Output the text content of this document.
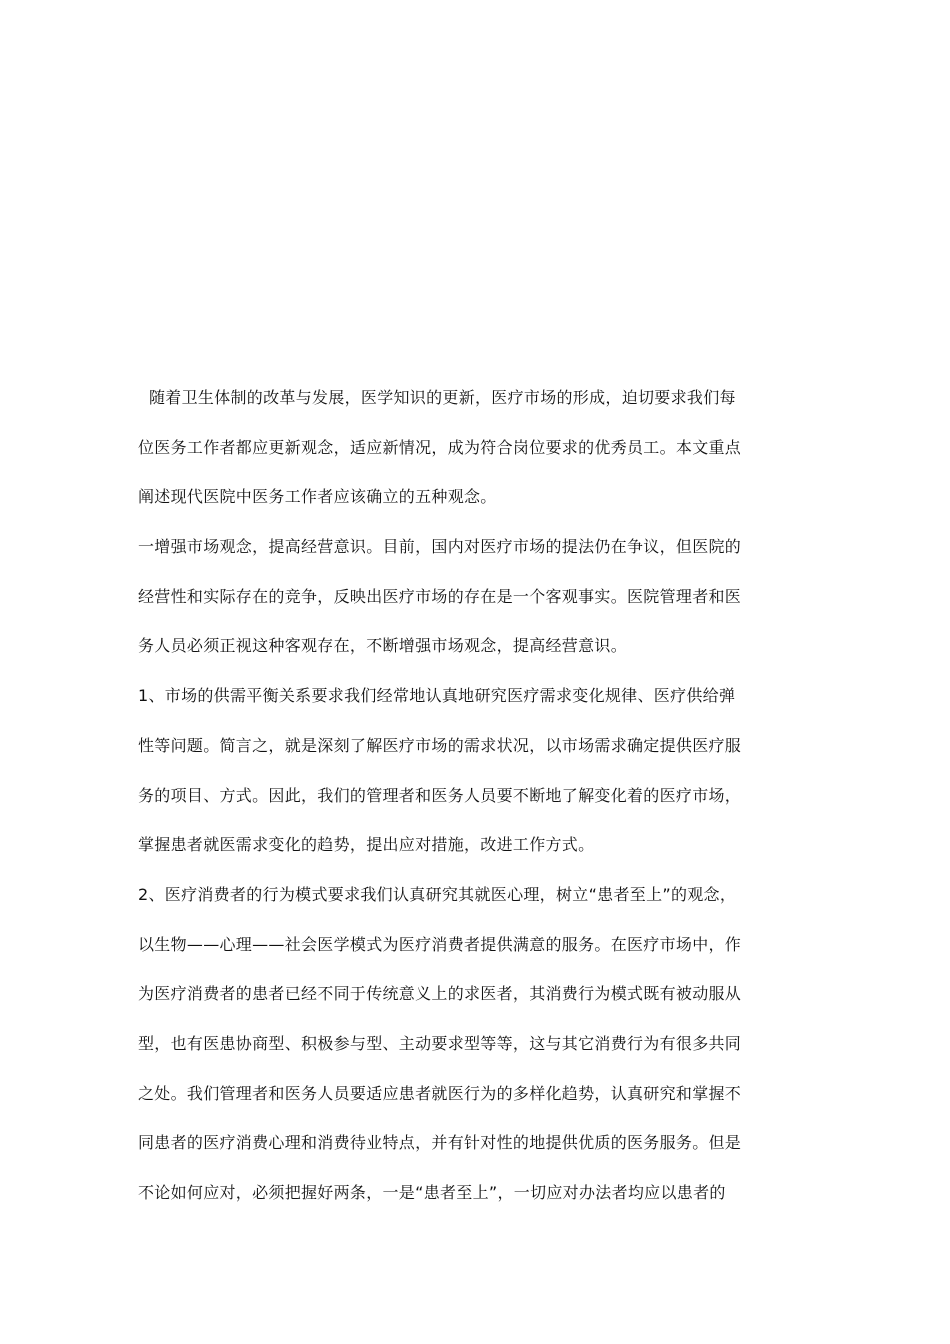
随着卫生体制的改革与发展，医学知识的更新，医疗市场的形成，迫切要求我们每
位医务工作者都应更新观念，适应新情况，成为符合岗位要求的优秀员工。本文重点
阐述现代医院中医务工作者应该确立的五种观念。
一增强市场观念，提高经营意识。目前，国内对医疗市场的提法仍在争议，但医院的
经营性和实际存在的竞争，反映出医疗市场的存在是一个客观事实。医院管理者和医
务人员必须正视这种客观存在，不断增强市场观念，提高经营意识。
1、市场的供需平衡关系要求我们经常地认真地研究医疗需求变化规律、医疗供给弹
性等问题。简言之，就是深刻了解医疗市场的需求状况，以市场需求确定提供医疗服
务的项目、方式。因此，我们的管理者和医务人员要不断地了解变化着的医疗市场，
掌握患者就医需求变化的趋势，提出应对措施，改进工作方式。
2、医疗消费者的行为模式要求我们认真研究其就医心理，树立“患者至上”的观念，
以生物——心理——社会医学模式为医疗消费者提供满意的服务。在医疗市场中，作
为医疗消费者的患者已经不同于传统意义上的求医者，其消费行为模式既有被动服从
型，也有医患协商型、积极参与型、主动要求型等等，这与其它消费行为有很多共同
之处。我们管理者和医务人员要适应患者就医行为的多样化趋势，认真研究和掌握不
同患者的医疗消费心理和消费待业特点，并有针对性的地提供优质的医务服务。但是
不论如何应对，必须把握好两条，一是“患者至上”，一切应对办法者均应以患者的
